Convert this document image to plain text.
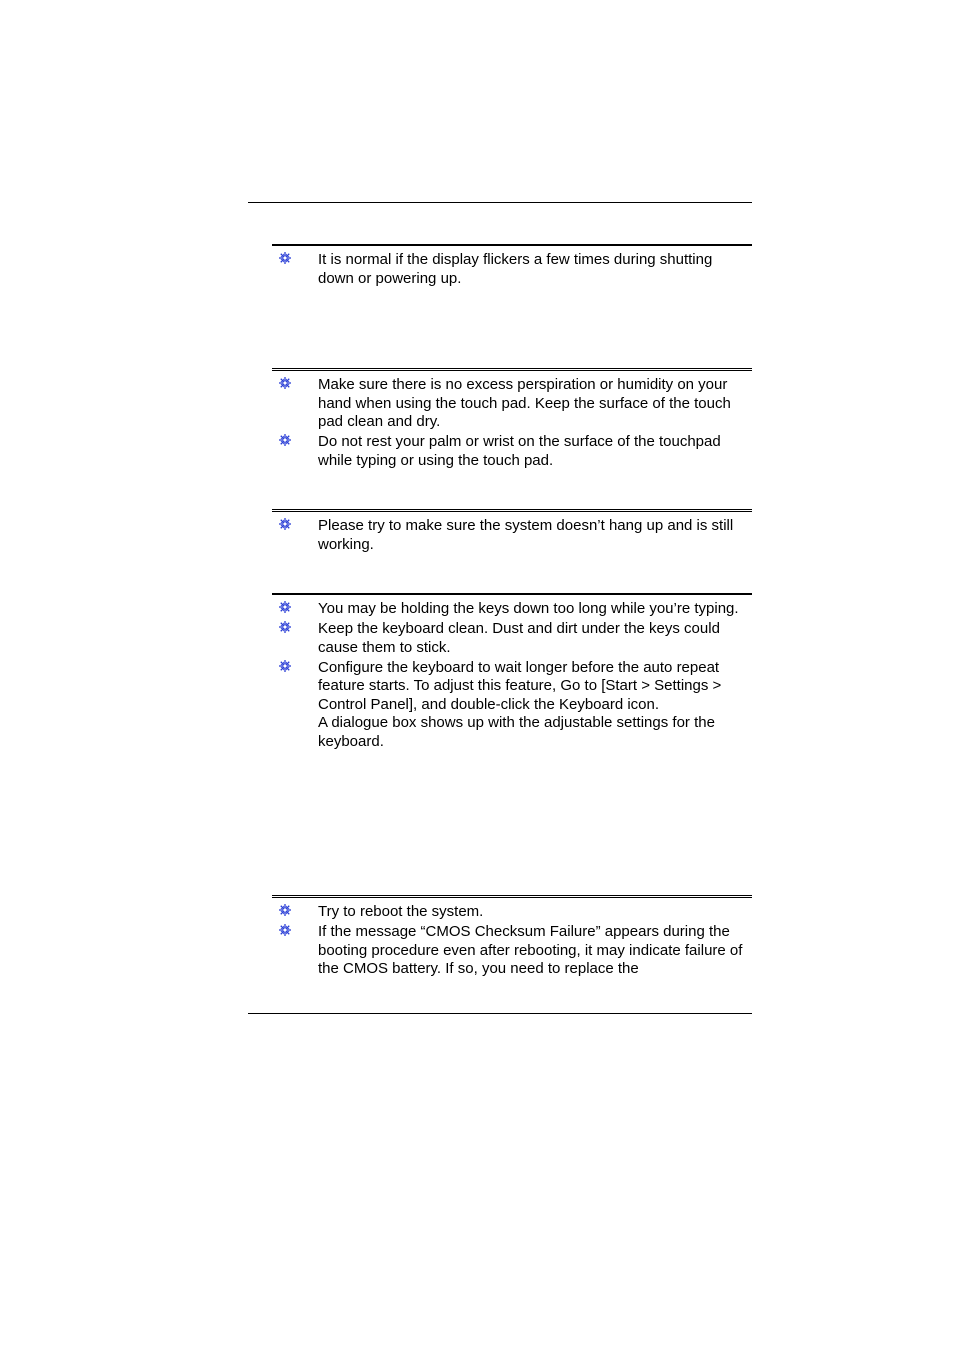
It is normal if the display flickers a few times during shutting down or powering up.

Make sure there is no excess perspiration or humidity on your hand when using the touch pad. Keep the surface of the touch pad clean and dry.

Do not rest your palm or wrist on the surface of the touchpad while typing or using the touch pad.

Please try to make sure the system doesn’t hang up and is still working.

You may be holding the keys down too long while you’re typing.

Keep the keyboard clean. Dust and dirt under the keys could cause them to stick.

Configure the keyboard to wait longer before the auto repeat feature starts. To adjust this feature, Go to [Start > Settings > Control Panel], and double-click the Keyboard icon.

A dialogue box shows up with the adjustable settings for the keyboard.

Try to reboot the system.

If the message “CMOS Checksum Failure” appears during the booting procedure even after rebooting, it may indicate failure of the CMOS battery. If so, you need to replace the
